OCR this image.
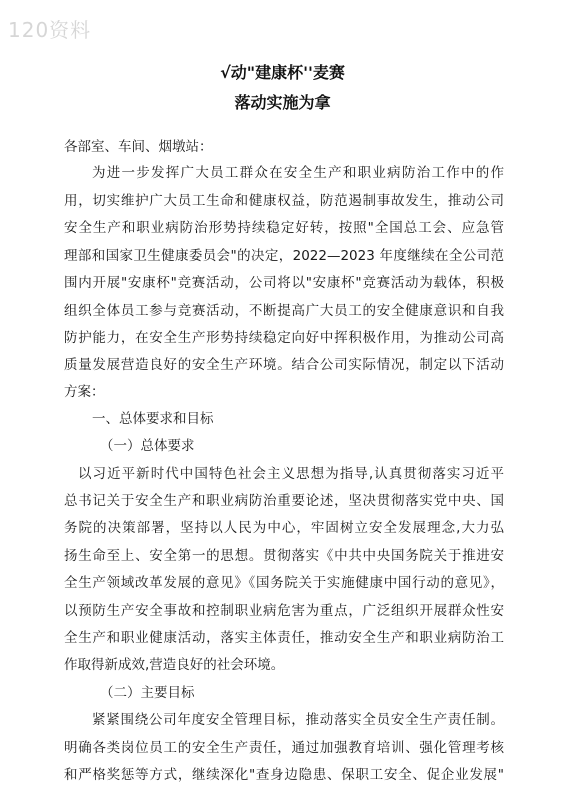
120资料
√动"建康杯''麦赛
落动实施为拿
各部室、车间、烟墩站：
为进一步发挥广大员工群众在安全生产和职业病防治工作中的作
用，切实维护广大员工生命和健康权益，防范遏制事故发生，推动公司
安全生产和职业病防治形势持续稳定好转，按照"全国总工会、应急管
理部和国家卫生健康委员会"的决定，2022—2023 年度继续在全公司范
围内开展"安康杯"竞赛活动，公司将以"安康杯"竞赛活动为载体，积极
组织全体员工参与竞赛活动，不断提高广大员工的安全健康意识和自我
防护能力，在安全生产形势持续稳定向好中挥积极作用，为推动公司高
质量发展营造良好的安全生产环境。结合公司实际情况，制定以下活动
方案：
一、总体要求和目标
（一）总体要求
以习近平新时代中国特色社会主义思想为指导,认真贯彻落实习近平
总书记关于安全生产和职业病防治重要论述，坚决贯彻落实党中央、国
务院的决策部署，坚持以人民为中心，牢固树立安全发展理念,大力弘
扬生命至上、安全第一的思想。贯彻落实《中共中央国务院关于推进安
全生产领域改革发展的意见》《国务院关于实施健康中国行动的意见》，
以预防生产安全事故和控制职业病危害为重点，广泛组织开展群众性安
全生产和职业健康活动，落实主体责任，推动安全生产和职业病防治工
作取得新成效,营造良好的社会环境。
（二）主要目标
紧紧围绕公司年度安全管理目标，推动落实全员安全生产责任制。
明确各类岗位员工的安全生产责任，通过加强教育培训、强化管理考核
和严格奖惩等方式，继续深化"查身边隐患、保职工安全、促企业发展"
